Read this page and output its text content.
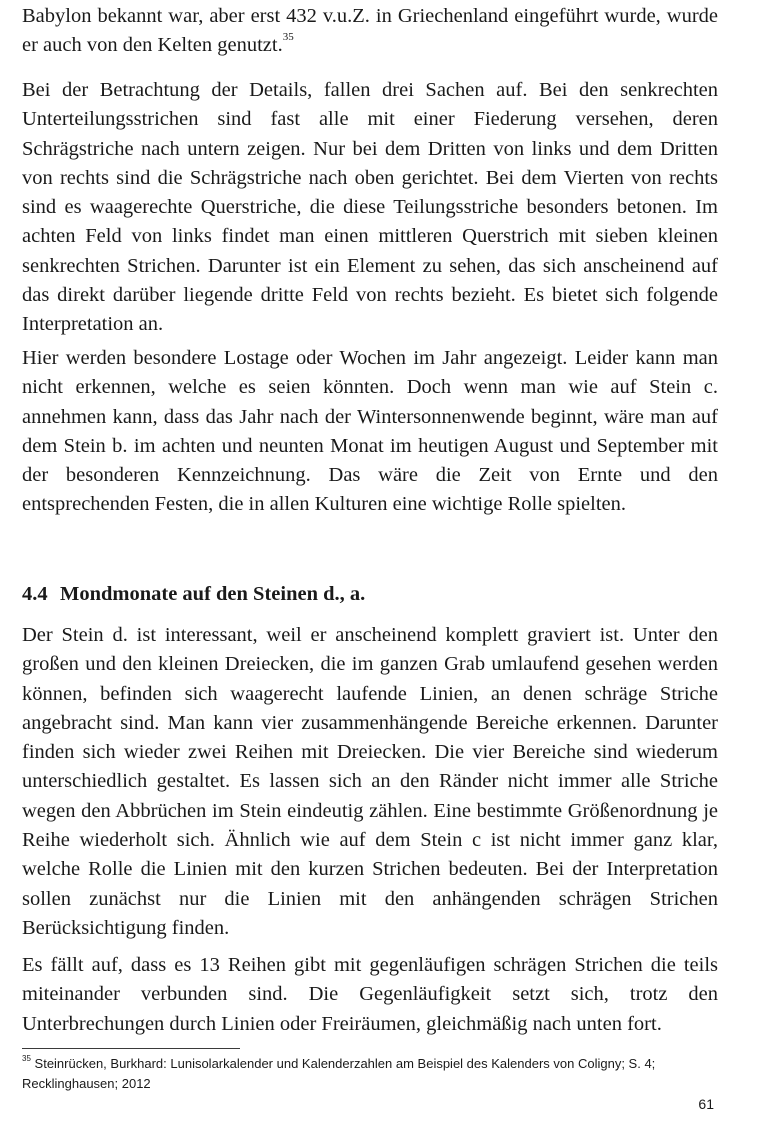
Babylon bekannt war, aber erst 432 v.u.Z. in Griechenland eingeführt wurde, wurde er auch von den Kelten genutzt.$^{35}$

Bei der Betrachtung der Details, fallen drei Sachen auf. Bei den senkrechten Unterteilungsstrichen sind fast alle mit einer Fiederung versehen, deren Schrägstriche nach untern zeigen. Nur bei dem Dritten von links und dem Dritten von rechts sind die Schrägstriche nach oben gerichtet. Bei dem Vierten von rechts sind es waagerechte Querstriche, die diese Teilungsstriche besonders betonen. Im achten Feld von links findet man einen mittleren Querstrich mit sieben kleinen senkrechten Strichen. Darunter ist ein Element zu sehen, das sich anscheinend auf das direkt darüber liegende dritte Feld von rechts bezieht. Es bietet sich folgende Interpretation an.

Hier werden besondere Lostage oder Wochen im Jahr angezeigt. Leider kann man nicht erkennen, welche es seien könnten. Doch wenn man wie auf Stein c. annehmen kann, dass das Jahr nach der Wintersonnenwende beginnt, wäre man auf dem Stein b. im achten und neunten Monat im heutigen August und September mit der besonderen Kennzeichnung. Das wäre die Zeit von Ernte und den entsprechenden Festen, die in allen Kulturen eine wichtige Rolle spielten.

4.4 Mondmonate auf den Steinen d., a.

Der Stein d. ist interessant, weil er anscheinend komplett graviert ist. Unter den großen und den kleinen Dreiecken, die im ganzen Grab umlaufend gesehen werden können, befinden sich waagerecht laufende Linien, an denen schräge Striche angebracht sind. Man kann vier zusammenhängende Bereiche erkennen. Darunter finden sich wieder zwei Reihen mit Dreiecken. Die vier Bereiche sind wiederum unterschiedlich gestaltet. Es lassen sich an den Ränder nicht immer alle Striche wegen den Abbrüchen im Stein eindeutig zählen. Eine bestimmte Größenordnung je Reihe wiederholt sich. Ähnlich wie auf dem Stein c ist nicht immer ganz klar, welche Rolle die Linien mit den kurzen Strichen bedeuten. Bei der Interpretation sollen zunächst nur die Linien mit den anhängenden schrägen Strichen Berücksichtigung finden.

Es fällt auf, dass es 13 Reihen gibt mit gegenläufigen schrägen Strichen die teils miteinander verbunden sind. Die Gegenläufigkeit setzt sich, trotz den Unterbrechungen durch Linien oder Freiräumen, gleichmäßig nach unten fort.

$^{35}$ Steinrücken, Burkhard: Lunisolarkalender und Kalenderzahlen am Beispiel des Kalenders von Coligny; S. 4; Recklinghausen; 2012

61
